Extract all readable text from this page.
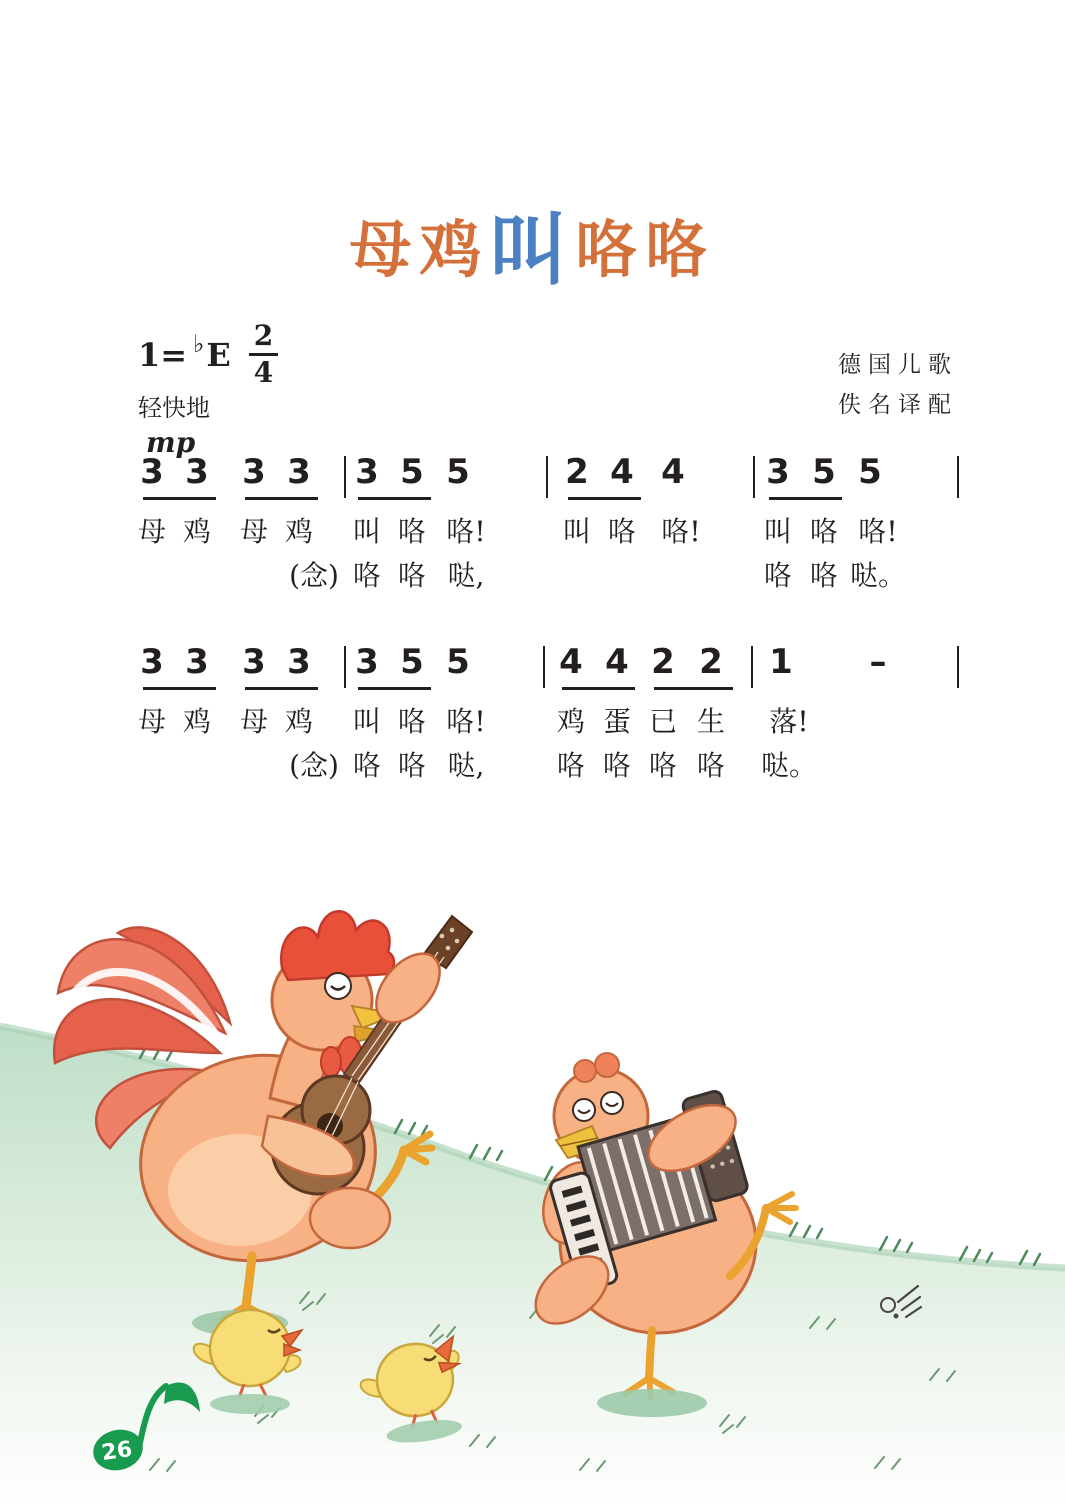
母鸡叫咯咯
$1= ^♭E \frac{2}{4}$
轻快地
德国儿歌
佚名译配
mp
3 3 3 3 3 5 5	2 4 4 3 5 5
母 鸡 母 鸡 叫 咯 咯!	叫 咯 咯! 叫 咯 咯!
(念) 咯 咯 哒,	咯 咯 哒。
3 3 3 3 3 5 5	4 4 2 2 1 –
母 鸡 母 鸡 叫 咯 咯!	鸡 蛋 已 生 落!
(念) 咯 咯 哒,	咯 咯 咯 咯 哒。
26
